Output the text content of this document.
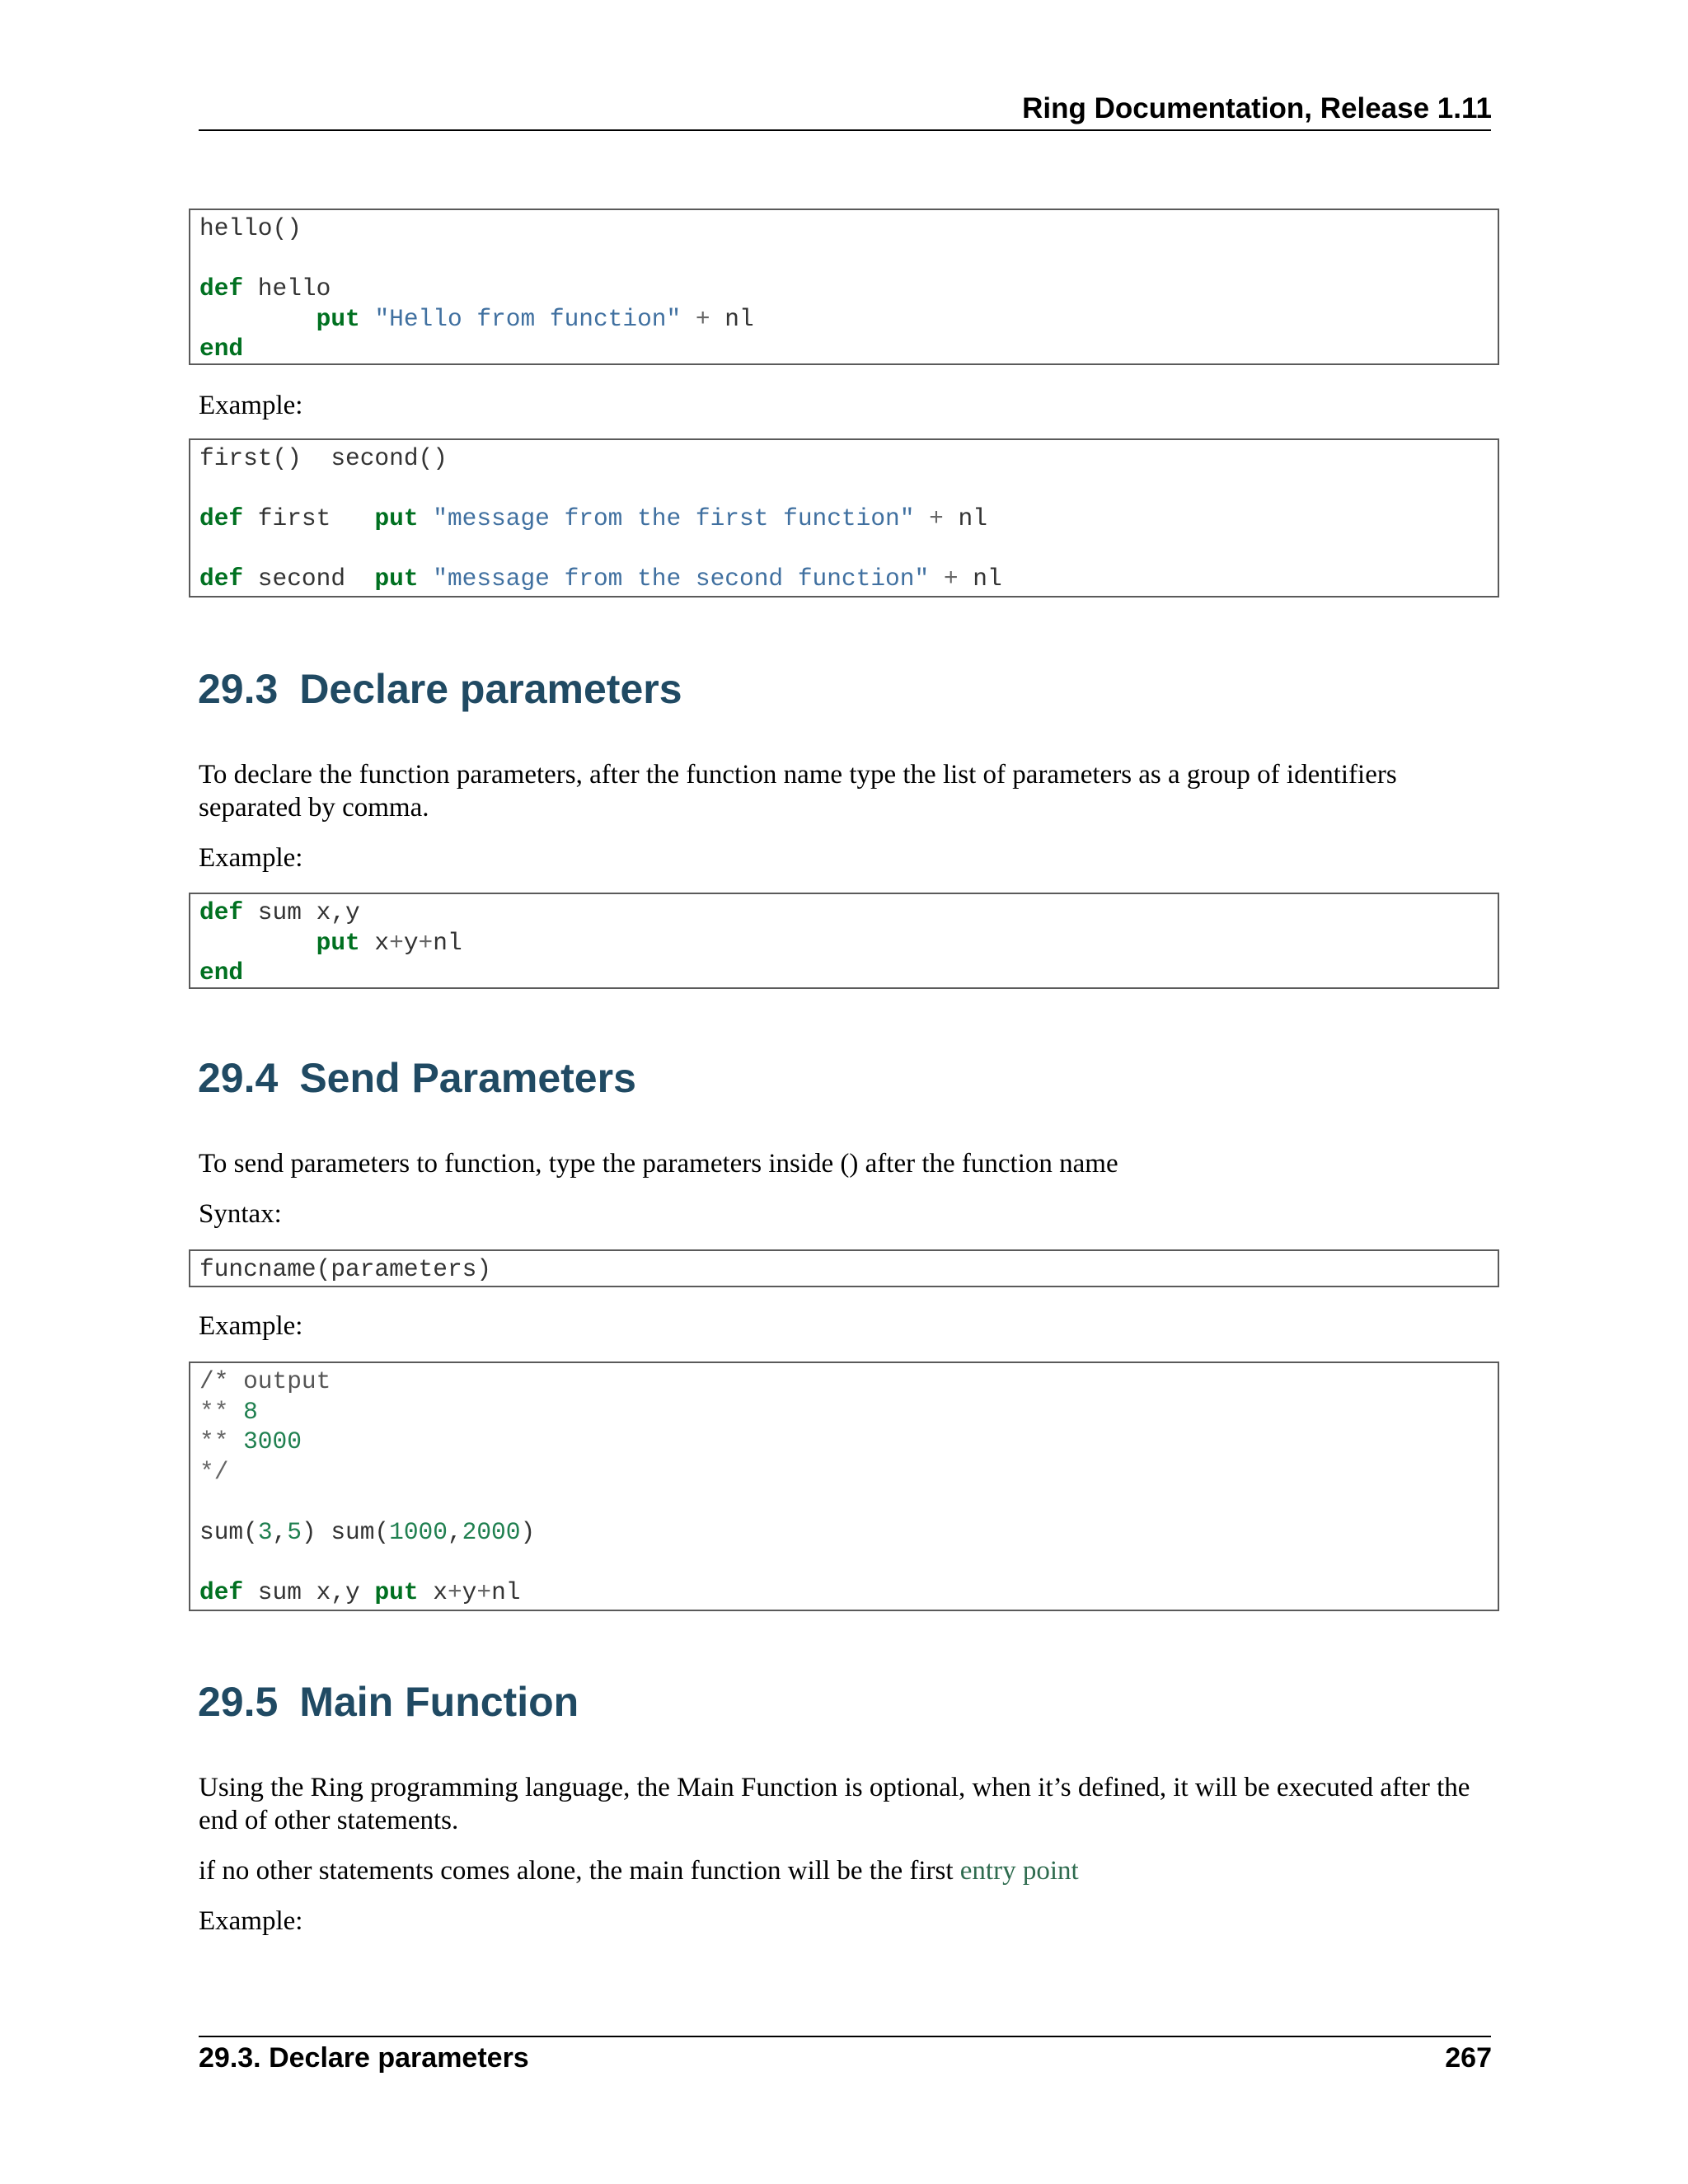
Ring Documentation, Release 1.11
hello()
def hello
put "Hello from function" + nl
end
Example:
first()  second()
def first   put "message from the first function" + nl
def second  put "message from the second function" + nl
29.3 Declare parameters
To declare the function parameters, after the function name type the list of parameters as a group of identifiers separated by comma.
Example:
def sum x,y
put x+y+nl
end
29.4 Send Parameters
To send parameters to function, type the parameters inside () after the function name
Syntax:
funcname(parameters)
Example:
/* output
** 8
** 3000
*/
sum(3,5) sum(1000,2000)
def sum x,y put x+y+nl
29.5 Main Function
Using the Ring programming language, the Main Function is optional, when it’s defined, it will be executed after the end of other statements.
if no other statements comes alone, the main function will be the first entry point
Example:
29.3. Declare parameters	267
